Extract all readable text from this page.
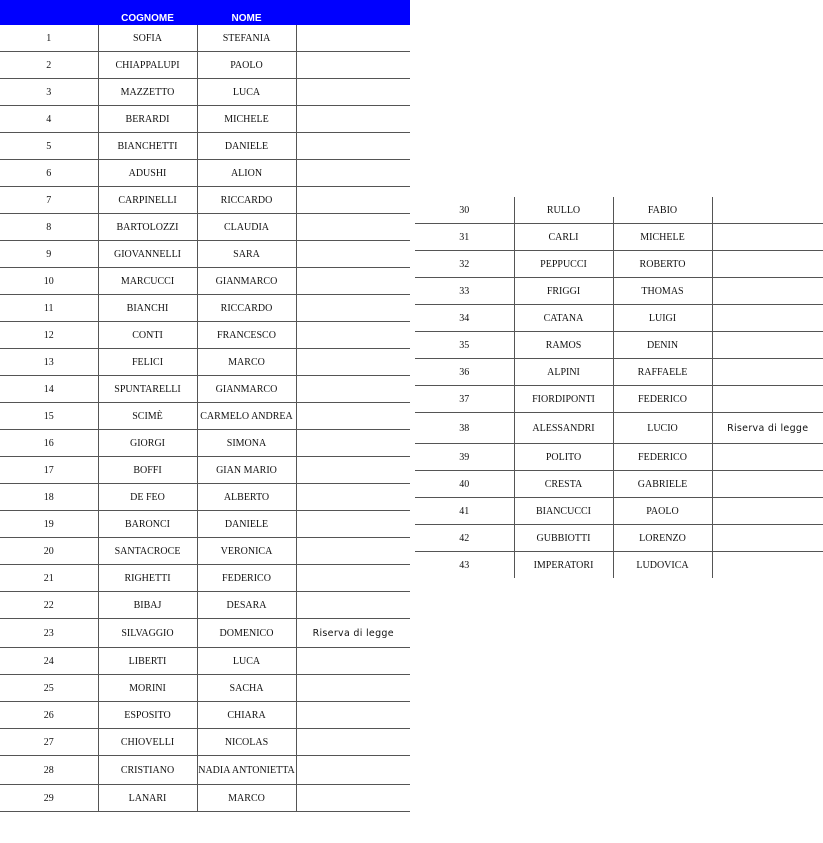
	COGNOME	NOME	
1	SOFIA	STEFANIA	
2	CHIAPPALUPI	PAOLO	
3	MAZZETTO	LUCA	
4	BERARDI	MICHELE	
5	BIANCHETTI	DANIELE	
6	ADUSHI	ALION	
7	CARPINELLI	RICCARDO	
8	BARTOLOZZI	CLAUDIA	
9	GIOVANNELLI	SARA	
10	MARCUCCI	GIANMARCO	
11	BIANCHI	RICCARDO	
12	CONTI	FRANCESCO	
13	FELICI	MARCO	
14	SPUNTARELLI	GIANMARCO	
15	SCIMÈ	CARMELO ANDREA	
16	GIORGI	SIMONA	
17	BOFFI	GIAN MARIO	
18	DE FEO	ALBERTO	
19	BARONCI	DANIELE	
20	SANTACROCE	VERONICA	
21	RIGHETTI	FEDERICO	
22	BIBAJ	DESARA	
23	SILVAGGIO	DOMENICO	Riserva di legge
24	LIBERTI	LUCA	
25	MORINI	SACHA	
26	ESPOSITO	CHIARA	
27	CHIOVELLI	NICOLAS	
28	CRISTIANO	NADIA ANTONIETTA	
29	LANARI	MARCO	
30	RULLO	FABIO	
31	CARLI	MICHELE	
32	PEPPUCCI	ROBERTO	
33	FRIGGI	THOMAS	
34	CATANA	LUIGI	
35	RAMOS	DENIN	
36	ALPINI	RAFFAELE	
37	FIORDIPONTI	FEDERICO	
38	ALESSANDRI	LUCIO	Riserva di legge
39	POLITO	FEDERICO	
40	CRESTA	GABRIELE	
41	BIANCUCCI	PAOLO	
42	GUBBIOTTI	LORENZO	
43	IMPERATORI	LUDOVICA	
